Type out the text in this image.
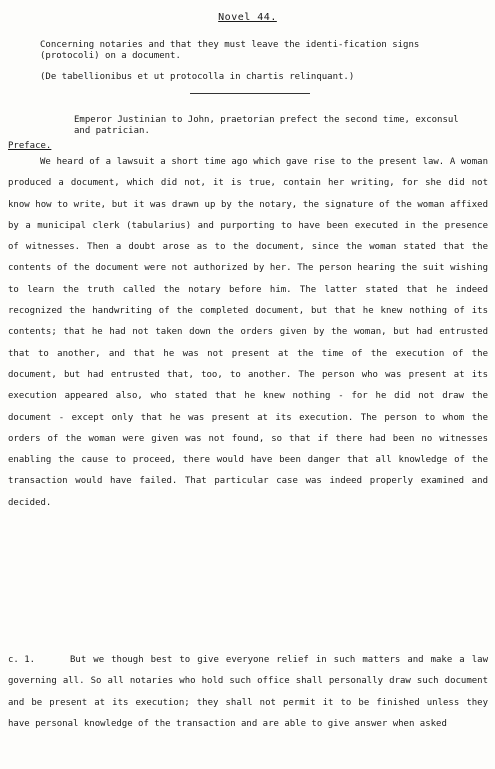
Novel 44.
Concerning notaries and that they must leave the identi-fication signs (protocoli) on a document.
(De tabellionibus et ut protocolla in chartis relinquant.)
Emperor Justinian to John, praetorian prefect the second time, exconsul and patrician.
Preface.

We heard of a lawsuit a short time ago which gave rise to the present law. A woman produced a document, which did not, it is true, contain her writing, for she did not know how to write, but it was drawn up by the notary, the signature of the woman affixed by a municipal clerk (tabularius) and purporting to have been executed in the presence of witnesses. Then a doubt arose as to the document, since the woman stated that the contents of the document were not authorized by her. The person hearing the suit wishing to learn the truth called the notary before him. The latter stated that he indeed recognized the handwriting of the completed document, but that he knew nothing of its contents; that he had not taken down the orders given by the woman, but had entrusted that to another, and that he was not present at the time of the execution of the document, but had entrusted that, too, to another. The person who was present at its execution appeared also, who stated that he knew nothing - for he did not draw the document - except only that he was present at its execution. The person to whom the orders of the woman were given was not found, so that if there had been no witnesses enabling the cause to proceed, there would have been danger that all knowledge of the transaction would have failed. That particular case was indeed properly examined and decided.

c. 1.	But we though best to give everyone relief in such matters and make a law governing all. So all notaries who hold such office shall personally draw such document and be present at its execution; they shall not permit it to be finished unless they have personal knowledge of the transaction and are able to give answer when asked
